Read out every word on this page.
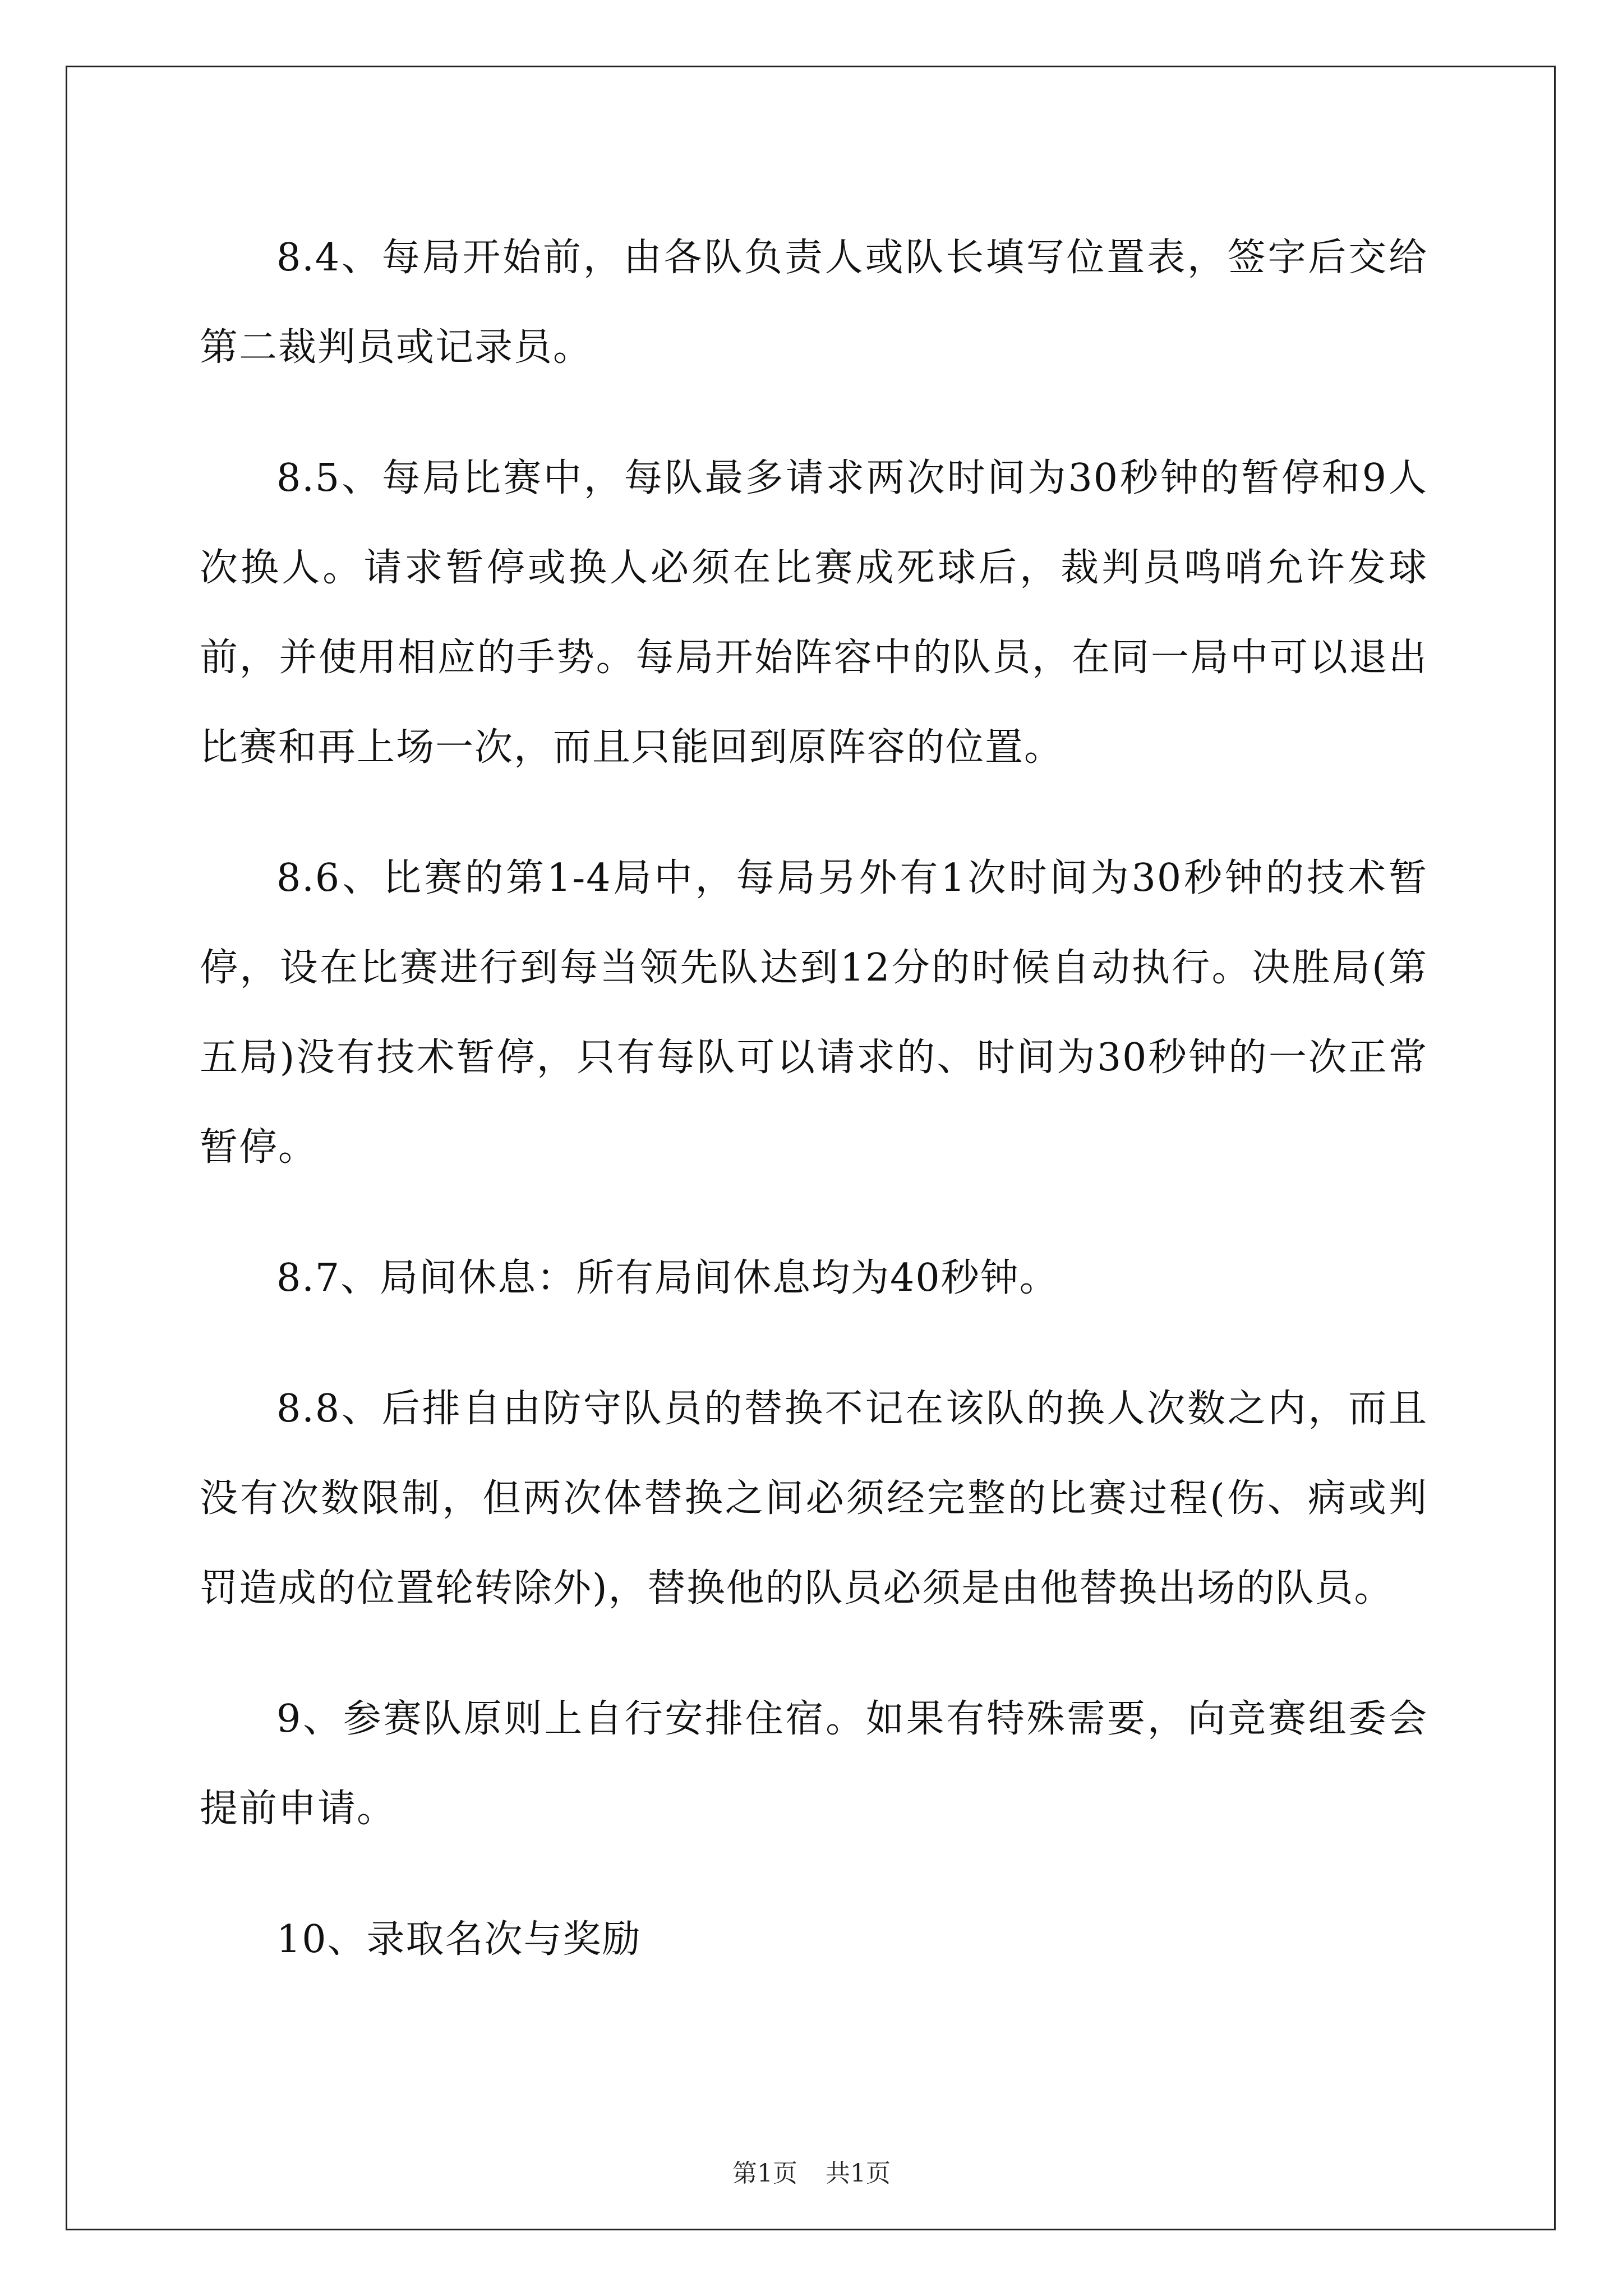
8.4、每局开始前，由各队负责人或队长填写位置表，签字后交给第二裁判员或记录员。

8.5、每局比赛中，每队最多请求两次时间为30秒钟的暂停和9人次换人。请求暂停或换人必须在比赛成死球后，裁判员鸣哨允许发球前，并使用相应的手势。每局开始阵容中的队员，在同一局中可以退出比赛和再上场一次，而且只能回到原阵容的位置。

8.6、比赛的第1-4局中，每局另外有1次时间为30秒钟的技术暂停，设在比赛进行到每当领先队达到12分的时候自动执行。决胜局(第五局)没有技术暂停，只有每队可以请求的、时间为30秒钟的一次正常暂停。

8.7、局间休息：所有局间休息均为40秒钟。

8.8、后排自由防守队员的替换不记在该队的换人次数之内，而且没有次数限制，但两次体替换之间必须经完整的比赛过程(伤、病或判罚造成的位置轮转除外)，替换他的队员必须是由他替换出场的队员。

9、参赛队原则上自行安排住宿。如果有特殊需要，向竞赛组委会提前申请。

10、录取名次与奖励

第1页 共1页
